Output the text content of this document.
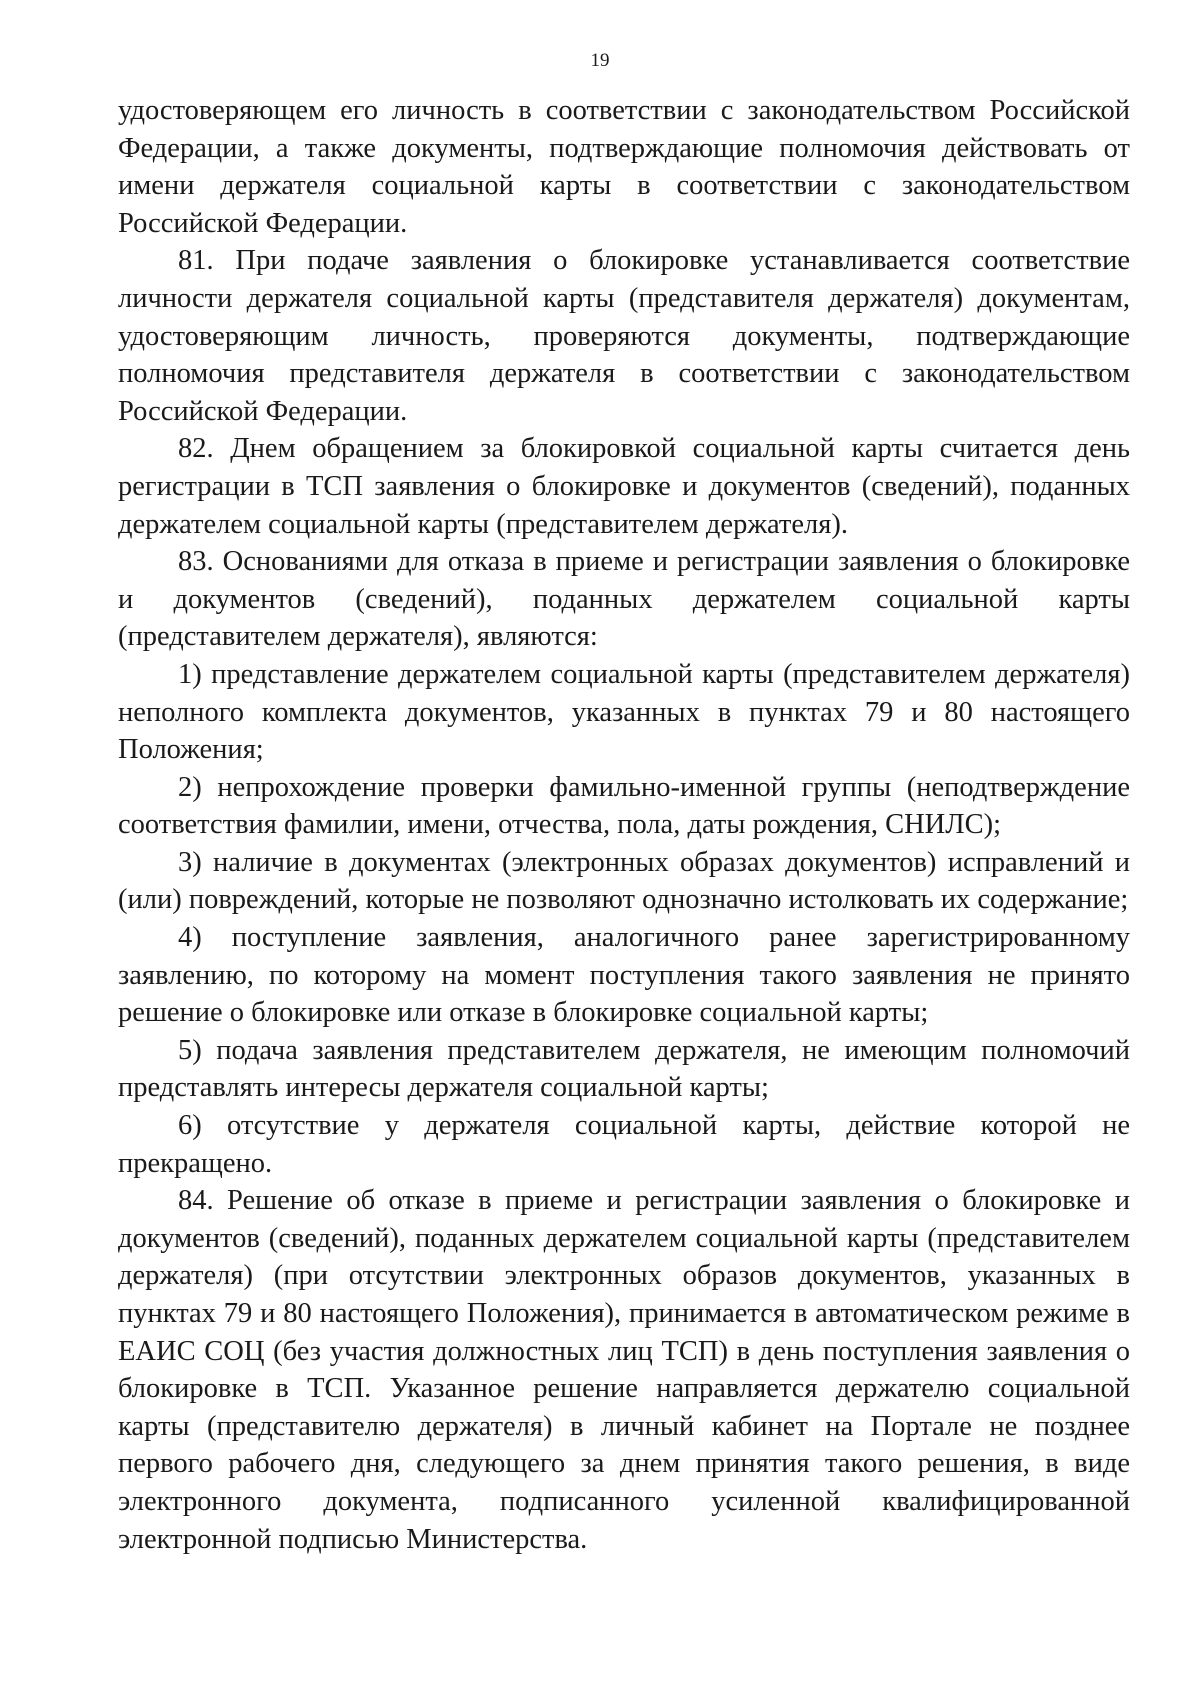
19

удостоверяющем его личность в соответствии с законодательством Российской Федерации, а также документы, подтверждающие полномочия действовать от имени держателя социальной карты в соответствии с законодательством Российской Федерации.

81. При подаче заявления о блокировке устанавливается соответствие личности держателя социальной карты (представителя держателя) документам, удостоверяющим личность, проверяются документы, подтверждающие полномочия представителя держателя в соответствии с законодательством Российской Федерации.

82. Днем обращением за блокировкой социальной карты считается день регистрации в ТСП заявления о блокировке и документов (сведений), поданных держателем социальной карты (представителем держателя).

83. Основаниями для отказа в приеме и регистрации заявления о блокировке и документов (сведений), поданных держателем социальной карты (представителем держателя), являются:

1) представление держателем социальной карты (представителем держателя) неполного комплекта документов, указанных в пунктах 79 и 80 настоящего Положения;

2) непрохождение проверки фамильно-именной группы (неподтверждение соответствия фамилии, имени, отчества, пола, даты рождения, СНИЛС);

3) наличие в документах (электронных образах документов) исправлений и (или) повреждений, которые не позволяют однозначно истолковать их содержание;

4) поступление заявления, аналогичного ранее зарегистрированному заявлению, по которому на момент поступления такого заявления не принято решение о блокировке или отказе в блокировке социальной карты;

5) подача заявления представителем держателя, не имеющим полномочий представлять интересы держателя социальной карты;

6) отсутствие у держателя социальной карты, действие которой не прекращено.

84. Решение об отказе в приеме и регистрации заявления о блокировке и документов (сведений), поданных держателем социальной карты (представителем держателя) (при отсутствии электронных образов документов, указанных в пунктах 79 и 80 настоящего Положения), принимается в автоматическом режиме в ЕАИС СОЦ (без участия должностных лиц ТСП) в день поступления заявления о блокировке в ТСП. Указанное решение направляется держателю социальной карты (представителю держателя) в личный кабинет на Портале не позднее первого рабочего дня, следующего за днем принятия такого решения, в виде электронного документа, подписанного усиленной квалифицированной электронной подписью Министерства.
